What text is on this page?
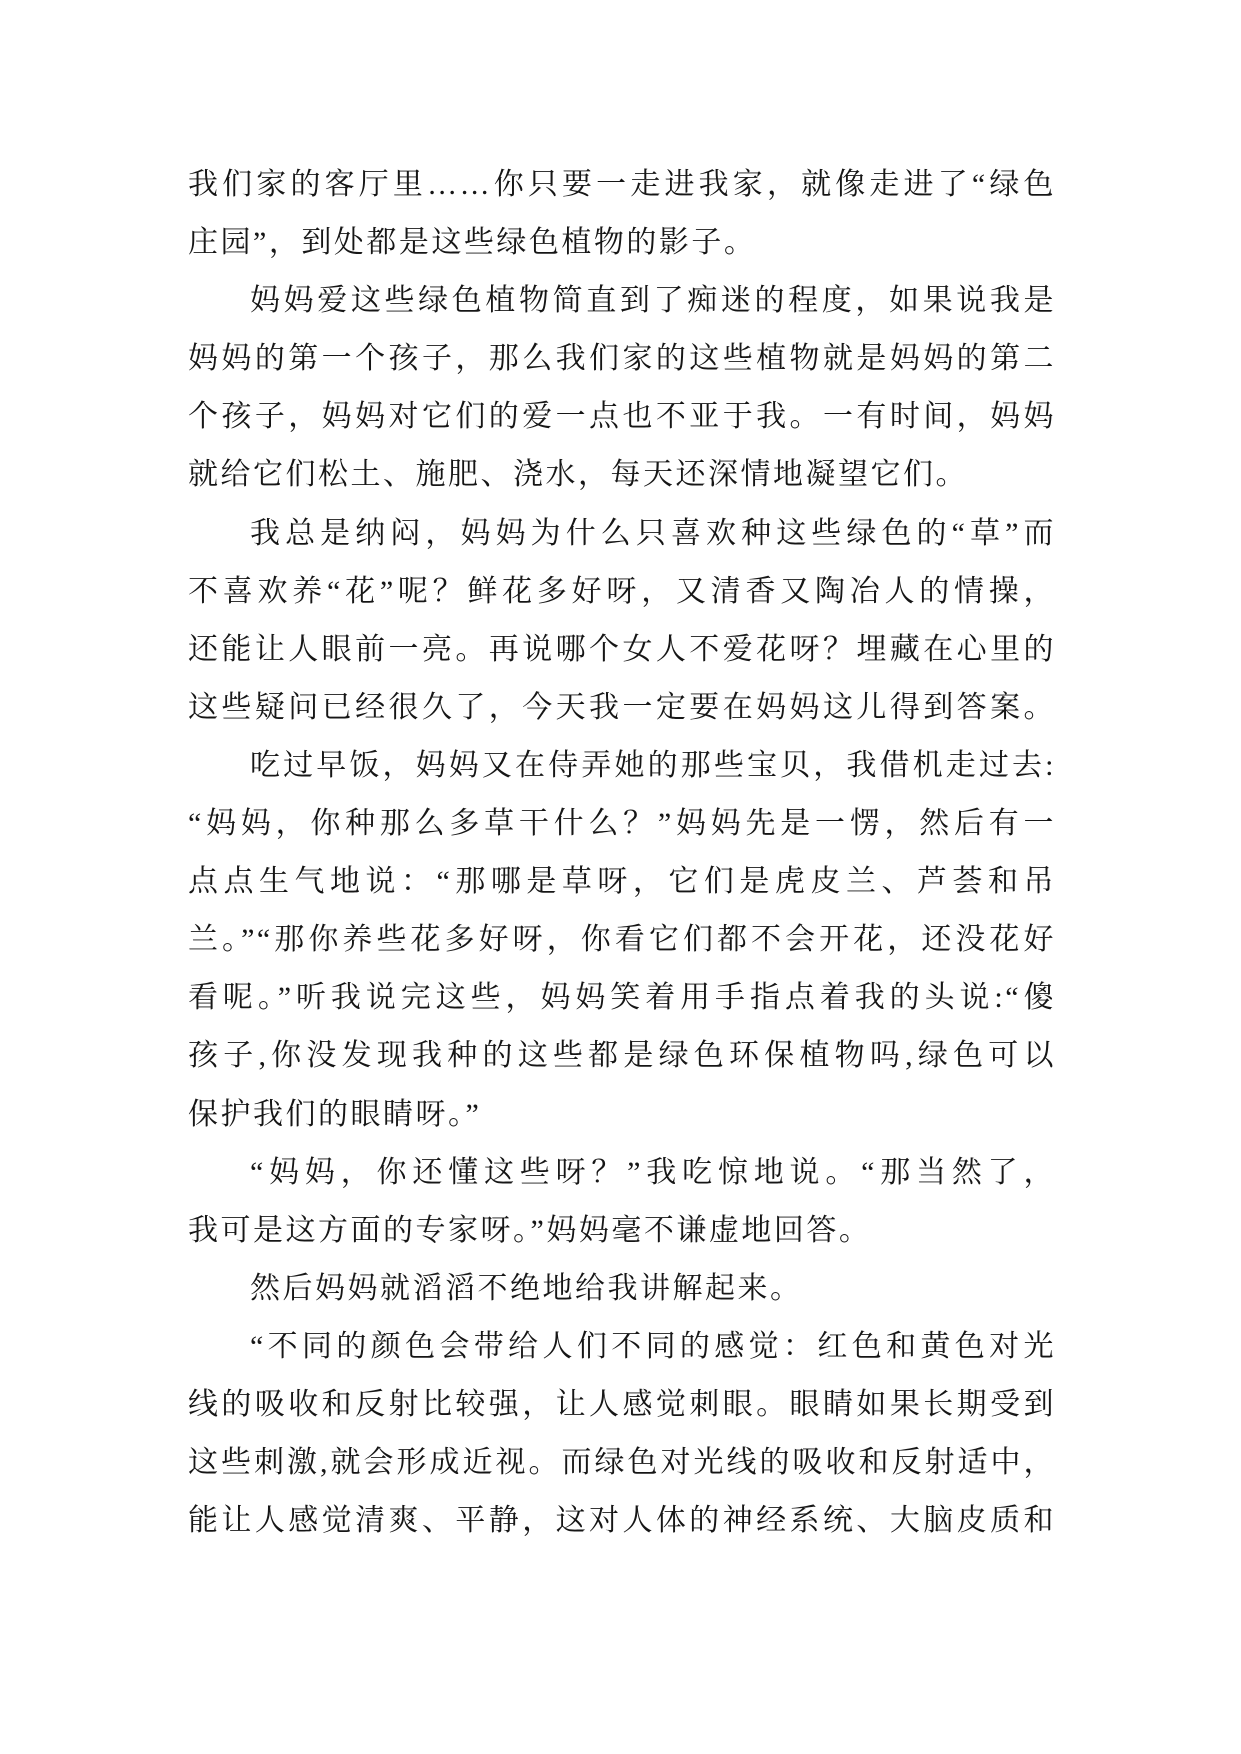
我们家的客厅里……你只要一走进我家，就像走进了“绿色
庄园”，到处都是这些绿色植物的影子。
妈妈爱这些绿色植物简直到了痴迷的程度，如果说我是
妈妈的第一个孩子，那么我们家的这些植物就是妈妈的第二
个孩子，妈妈对它们的爱一点也不亚于我。一有时间，妈妈
就给它们松土、施肥、浇水，每天还深情地凝望它们。
我总是纳闷，妈妈为什么只喜欢种这些绿色的“草”而
不喜欢养“花”呢？鲜花多好呀，又清香又陶冶人的情操，
还能让人眼前一亮。再说哪个女人不爱花呀？埋藏在心里的
这些疑问已经很久了，今天我一定要在妈妈这儿得到答案。
吃过早饭，妈妈又在侍弄她的那些宝贝，我借机走过去:
“妈妈，你种那么多草干什么？”妈妈先是一愣，然后有一
点点生气地说：“那哪是草呀，它们是虎皮兰、芦荟和吊
兰。”“那你养些花多好呀，你看它们都不会开花，还没花好
看呢。”听我说完这些，妈妈笑着用手指点着我的头说:“傻
孩子,你没发现我种的这些都是绿色环保植物吗,绿色可以
保护我们的眼睛呀。”
“妈妈，你还懂这些呀？”我吃惊地说。“那当然了，
我可是这方面的专家呀。”妈妈毫不谦虚地回答。
然后妈妈就滔滔不绝地给我讲解起来。
“不同的颜色会带给人们不同的感觉：红色和黄色对光
线的吸收和反射比较强，让人感觉刺眼。眼睛如果长期受到
这些刺激,就会形成近视。而绿色对光线的吸收和反射适中，
能让人感觉清爽、平静，这对人体的神经系统、大脑皮质和
